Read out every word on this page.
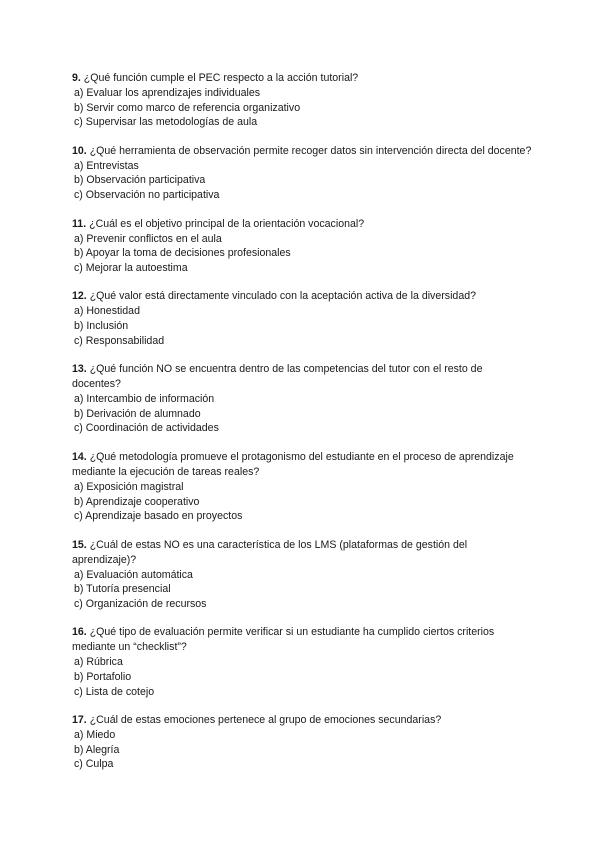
9. ¿Qué función cumple el PEC respecto a la acción tutorial?

a) Evaluar los aprendizajes individuales
b) Servir como marco de referencia organizativo
c) Supervisar las metodologías de aula

10. ¿Qué herramienta de observación permite recoger datos sin intervención directa del docente?

a) Entrevistas
b) Observación participativa
c) Observación no participativa

11. ¿Cuál es el objetivo principal de la orientación vocacional?

a) Prevenir conflictos en el aula
b) Apoyar la toma de decisiones profesionales
c) Mejorar la autoestima

12. ¿Qué valor está directamente vinculado con la aceptación activa de la diversidad?

a) Honestidad
b) Inclusión
c) Responsabilidad

13. ¿Qué función NO se encuentra dentro de las competencias del tutor con el resto de docentes?

a) Intercambio de información
b) Derivación de alumnado
c) Coordinación de actividades

14. ¿Qué metodología promueve el protagonismo del estudiante en el proceso de aprendizaje mediante la ejecución de tareas reales?

a) Exposición magistral
b) Aprendizaje cooperativo
c) Aprendizaje basado en proyectos

15. ¿Cuál de estas NO es una característica de los LMS (plataformas de gestión del aprendizaje)?

a) Evaluación automática
b) Tutoría presencial
c) Organización de recursos

16. ¿Qué tipo de evaluación permite verificar si un estudiante ha cumplido ciertos criterios mediante un “checklist”?

a) Rúbrica
b) Portafolio
c) Lista de cotejo

17. ¿Cuál de estas emociones pertenece al grupo de emociones secundarias?

a) Miedo
b) Alegría
c) Culpa
